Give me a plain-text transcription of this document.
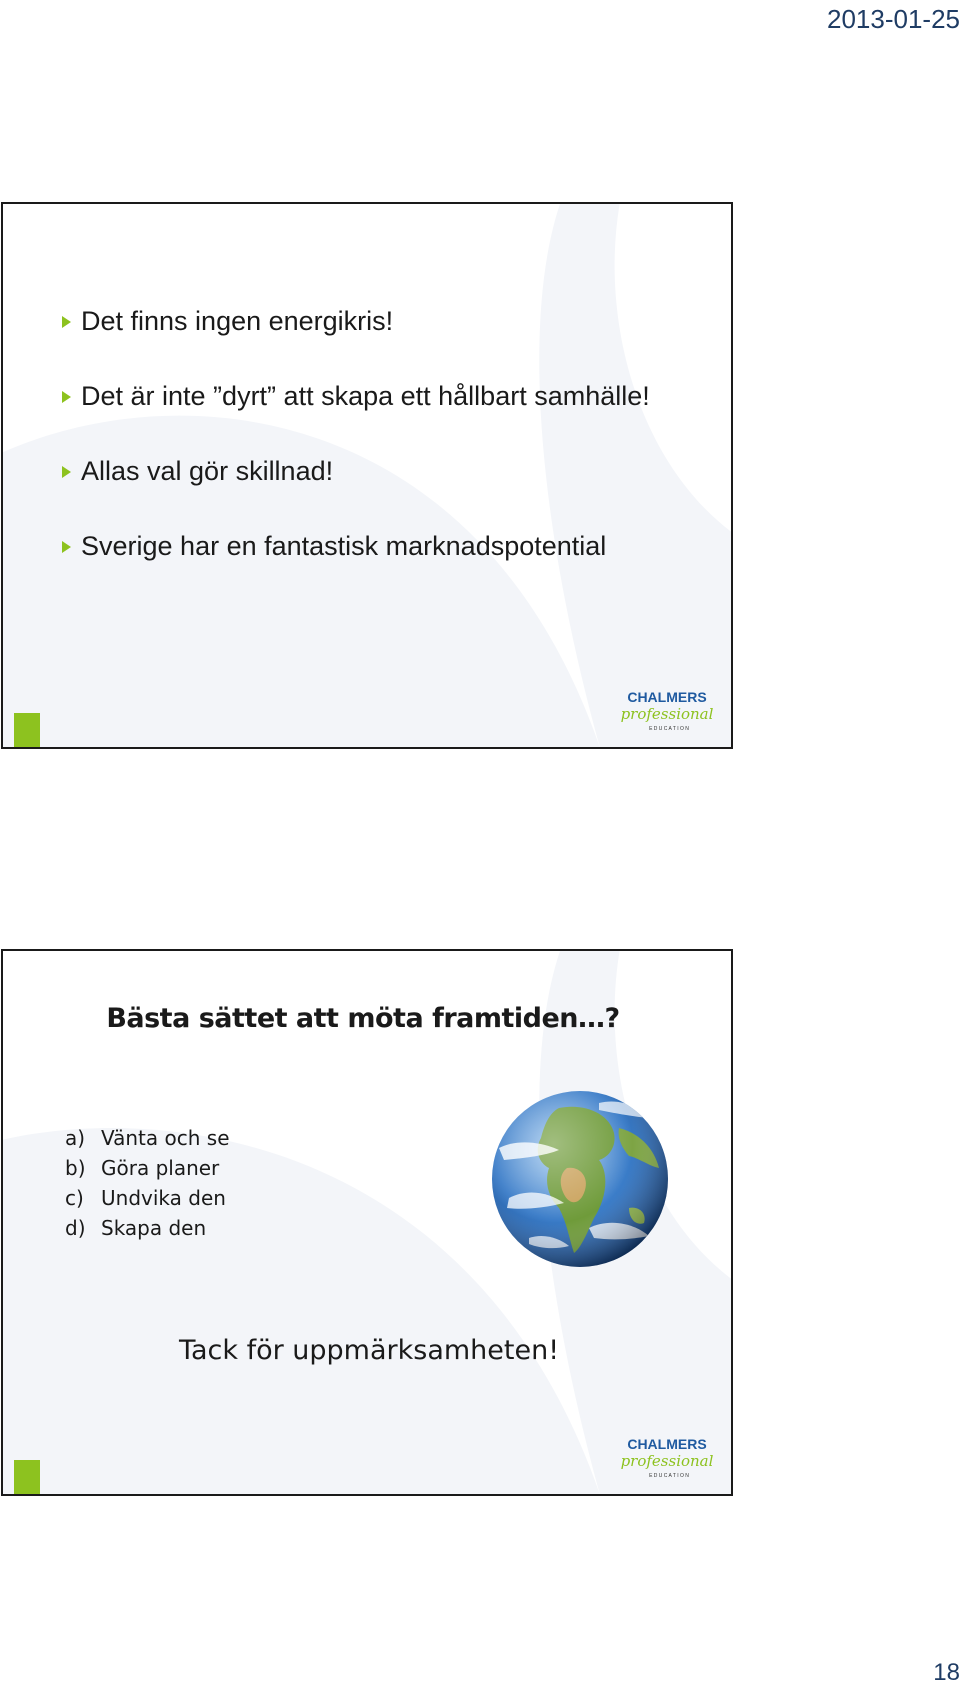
2013-01-25
Det finns ingen energikris!
Det är inte ”dyrt” att skapa ett hållbart samhälle!
Allas val gör skillnad!
Sverige har en fantastisk marknadspotential
CHALMERS
professional
E D U C A T I O N
Bästa sättet att möta framtiden…?
a) Vänta och se
b) Göra planer
c) Undvika den
d) Skapa den
Tack för uppmärksamheten!
CHALMERS
professional
E D U C A T I O N
18
